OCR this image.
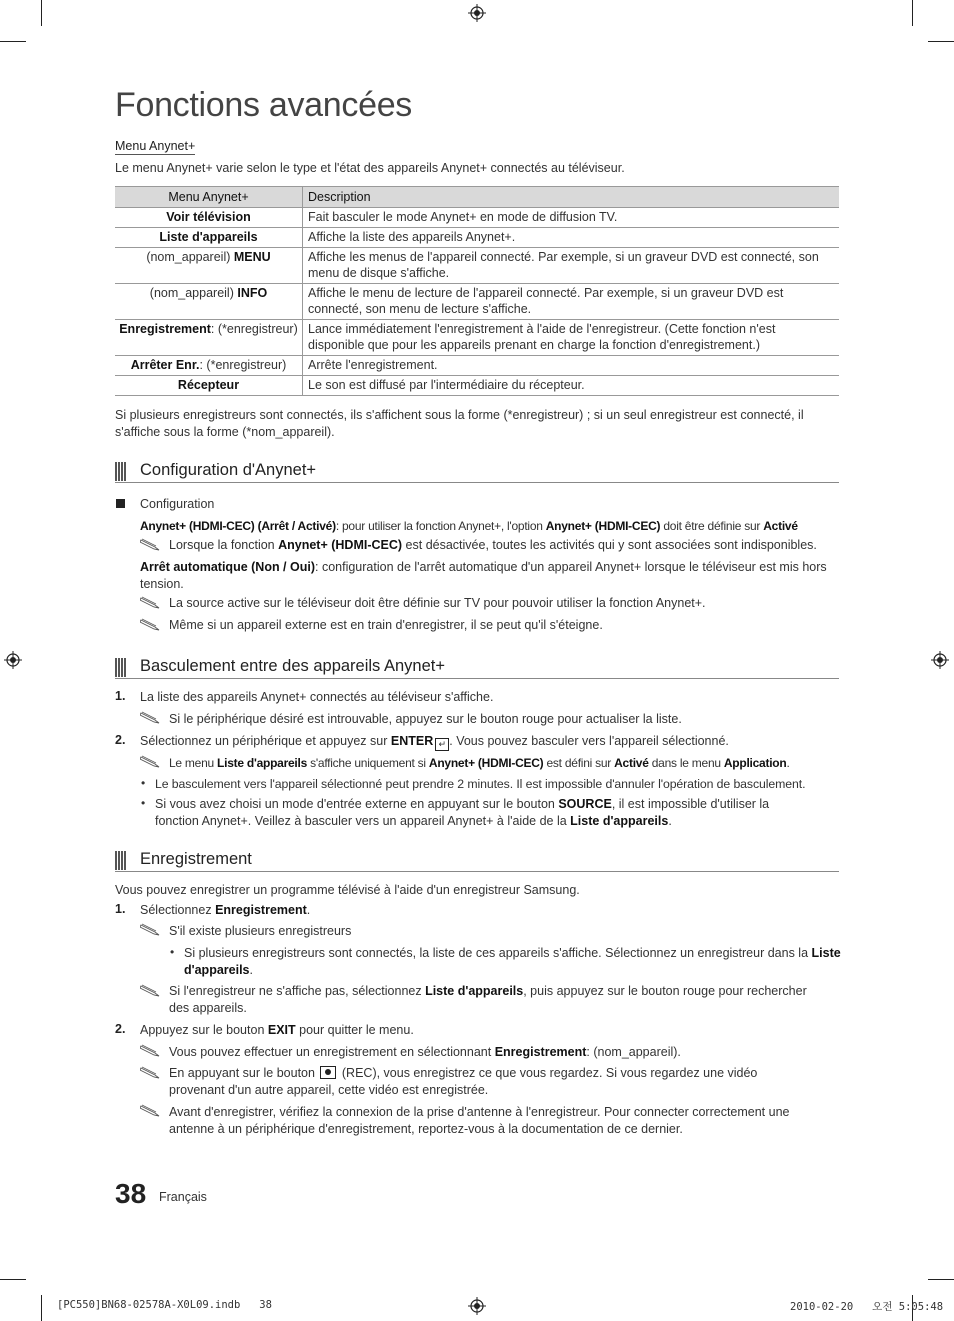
Fonctions avancées
Menu Anynet+
Le menu Anynet+ varie selon le type et l'état des appareils Anynet+ connectés au téléviseur.
Menu Anynet+	Description
Voir télévision	Fait basculer le mode Anynet+ en mode de diffusion TV.
Liste d'appareils	Affiche la liste des appareils Anynet+.
(nom_appareil) MENU	Affiche les menus de l'appareil connecté. Par exemple, si un graveur DVD est connecté, son menu de disque s'affiche.
(nom_appareil) INFO	Affiche le menu de lecture de l'appareil connecté. Par exemple, si un graveur DVD est connecté, son menu de lecture s'affiche.
Enregistrement: (*enregistreur)	Lance immédiatement l'enregistrement à l'aide de l'enregistreur. (Cette fonction n'est disponible que pour les appareils prenant en charge la fonction d'enregistrement.)
Arrêter Enr.: (*enregistreur)	Arrête l'enregistrement.
Récepteur	Le son est diffusé par l'intermédiaire du récepteur.
Si plusieurs enregistreurs sont connectés, ils s'affichent sous la forme (*enregistreur) ; si un seul enregistreur est connecté, il s'affiche sous la forme (*nom_appareil).
Configuration d'Anynet+
Configuration
Anynet+ (HDMI-CEC) (Arrêt / Activé): pour utiliser la fonction Anynet+, l'option Anynet+ (HDMI-CEC) doit être définie sur Activé
Lorsque la fonction Anynet+ (HDMI-CEC) est désactivée, toutes les activités qui y sont associées sont indisponibles.
Arrêt automatique (Non / Oui): configuration de l'arrêt automatique d'un appareil Anynet+ lorsque le téléviseur est mis hors tension.
La source active sur le téléviseur doit être définie sur TV pour pouvoir utiliser la fonction Anynet+.
Même si un appareil externe est en train d'enregistrer, il se peut qu'il s'éteigne.
Basculement entre des appareils Anynet+
1. La liste des appareils Anynet+ connectés au téléviseur s'affiche.
Si le périphérique désiré est introuvable, appuyez sur le bouton rouge pour actualiser la liste.
2. Sélectionnez un périphérique et appuyez sur ENTER ↵ . Vous pouvez basculer vers l'appareil sélectionné.
Le menu Liste d'appareils s'affiche uniquement si Anynet+ (HDMI-CEC) est défini sur Activé dans le menu Application.
• Le basculement vers l'appareil sélectionné peut prendre 2 minutes. Il est impossible d'annuler l'opération de basculement.
• Si vous avez choisi un mode d'entrée externe en appuyant sur le bouton SOURCE, il est impossible d'utiliser la fonction Anynet+. Veillez à basculer vers un appareil Anynet+ à l'aide de la Liste d'appareils.
Enregistrement
Vous pouvez enregistrer un programme télévisé à l'aide d'un enregistreur Samsung.
1. Sélectionnez Enregistrement.
S'il existe plusieurs enregistreurs
• Si plusieurs enregistreurs sont connectés, la liste de ces appareils s'affiche. Sélectionnez un enregistreur dans la Liste d'appareils.
Si l'enregistreur ne s'affiche pas, sélectionnez Liste d'appareils, puis appuyez sur le bouton rouge pour rechercher des appareils.
2. Appuyez sur le bouton EXIT pour quitter le menu.
Vous pouvez effectuer un enregistrement en sélectionnant Enregistrement: (nom_appareil).
En appuyant sur le bouton  (REC), vous enregistrez ce que vous regardez. Si vous regardez une vidéo provenant d'un autre appareil, cette vidéo est enregistrée.
Avant d'enregistrer, vérifiez la connexion de la prise d'antenne à l'enregistreur. Pour connecter correctement une antenne à un périphérique d'enregistrement, reportez-vous à la documentation de ce dernier.
38 Français
[PC550]BN68-02578A-X0L09.indb   38	2010-02-20   오전 5:05:48
